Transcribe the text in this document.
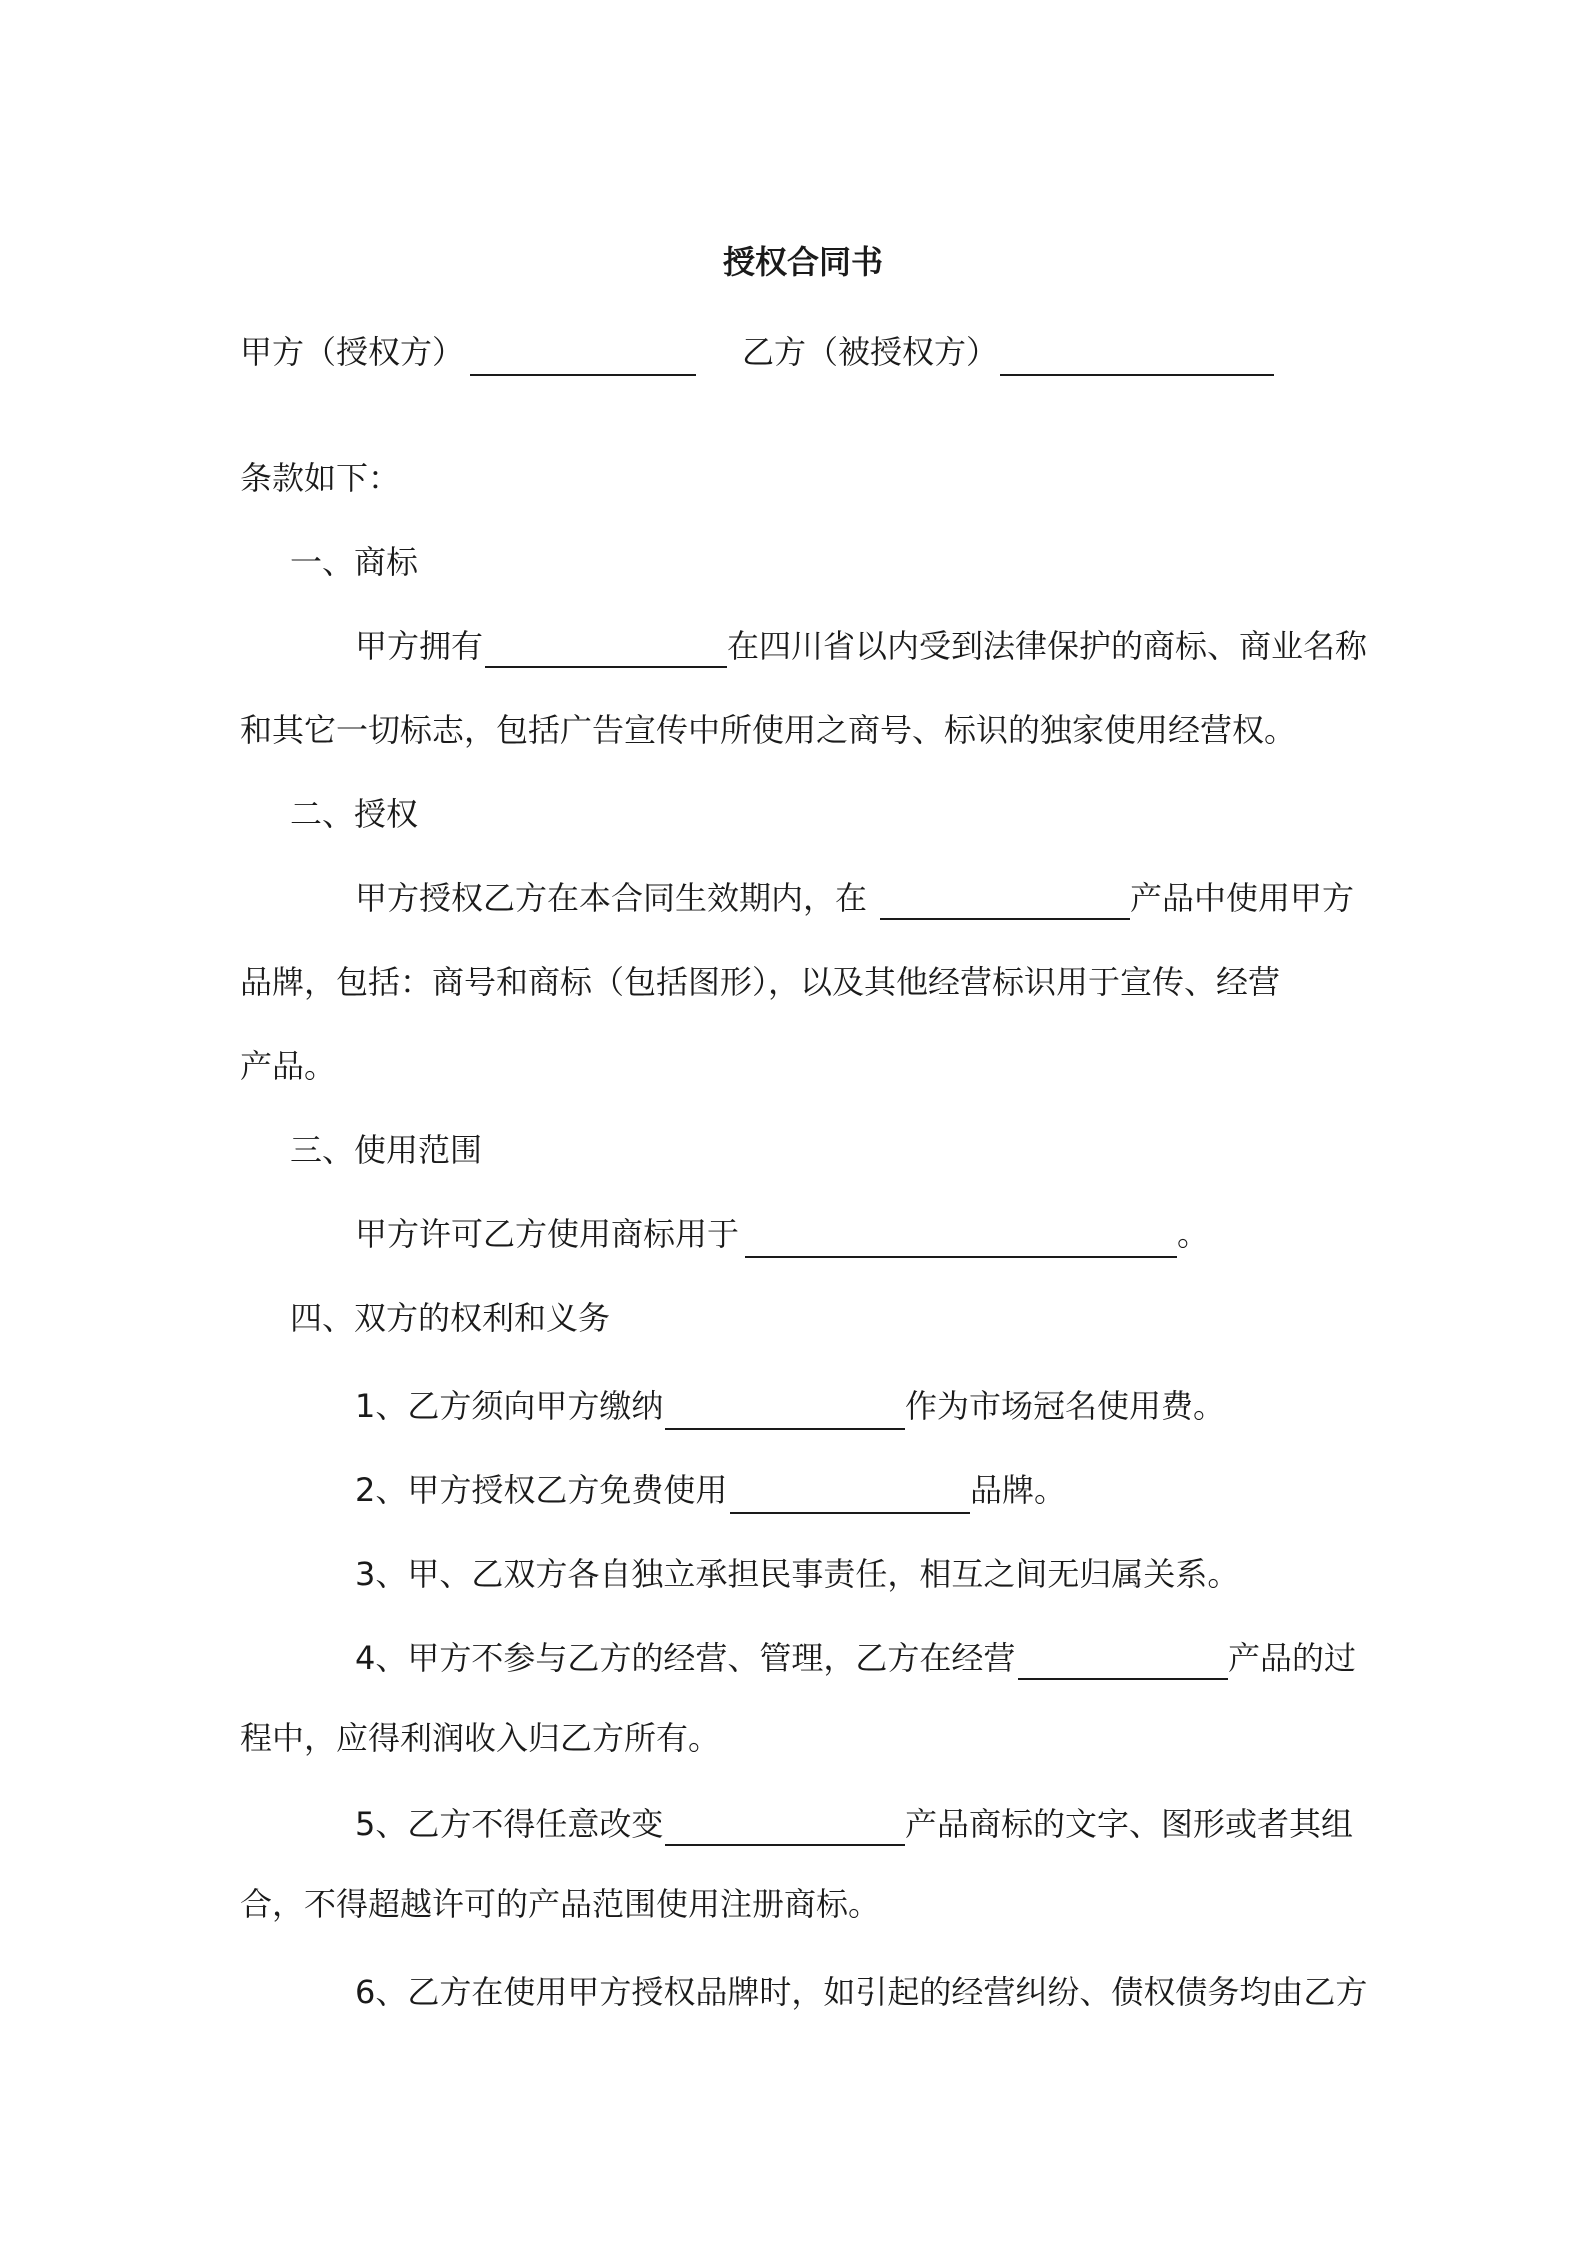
授权合同书
甲方（授权方）	乙方（被授权方）
条款如下：
一、商标
甲方拥有	在四川省以内受到法律保护的商标、商业名称
和其它一切标志，包括广告宣传中所使用之商号、标识的独家使用经营权。
二、授权
甲方授权乙方在本合同生效期内，在	产品中使用甲方
品牌，包括：商号和商标（包括图形），以及其他经营标识用于宣传、经营
产品。
三、使用范围
甲方许可乙方使用商标用于	。
四、双方的权利和义务
1、乙方须向甲方缴纳	作为市场冠名使用费。
2、甲方授权乙方免费使用	品牌。
3、甲、乙双方各自独立承担民事责任，相互之间无归属关系。
4、甲方不参与乙方的经营、管理，乙方在经营	产品的过
程中，应得利润收入归乙方所有。
5、乙方不得任意改变	产品商标的文字、图形或者其组
合，不得超越许可的产品范围使用注册商标。
6、乙方在使用甲方授权品牌时，如引起的经营纠纷、债权债务均由乙方
